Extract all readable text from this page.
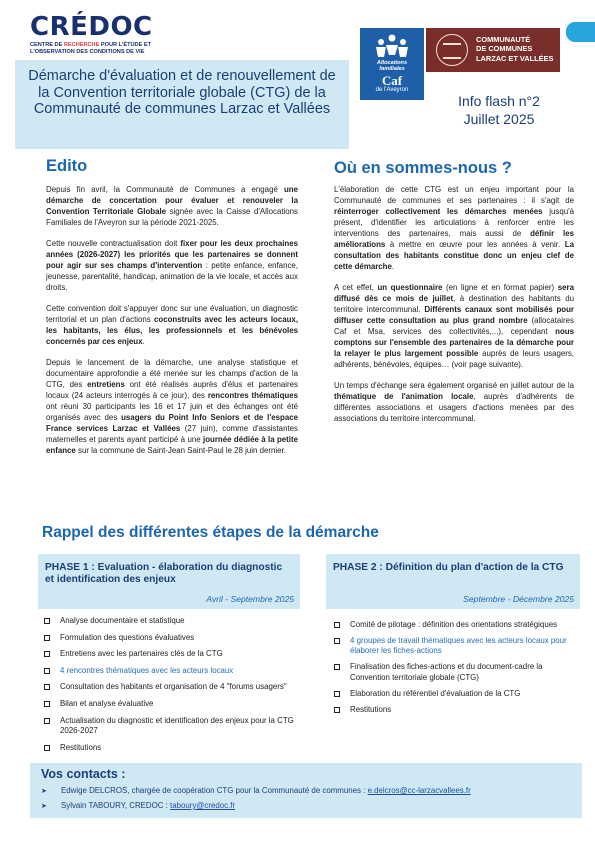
CRÉDOC
CENTRE DE RECHERCHE POUR L'ÉTUDE ET
L'OBSERVATION DES CONDITIONS DE VIE
Allocations
familiales
Caf
de l'Aveyron
COMMUNAUTÉ
DE COMMUNES
LARZAC ET VALLÉES
Démarche d'évaluation et de renouvellement de la Convention territoriale globale (CTG) de la Communauté de communes Larzac et Vallées	Info flash n°2
Juillet 2025
Edito

Depuis fin avril, la Communauté de Communes a engagé une démarche de concertation pour évaluer et renouveler la Convention Territoriale Globale signée avec la Caisse d'Allocations Familiales de l'Aveyron sur la période 2021-2025.

Cette nouvelle contractualisation doit fixer pour les deux prochaines années (2026-2027) les priorités que les partenaires se donnent pour agir sur ses champs d'intervention : petite enfance, enfance, jeunesse, parentalité, handicap, animation de la vie locale, et accès aux droits.

Cette convention doit s'appuyer donc sur une évaluation, un diagnostic territorial et un plan d'actions coconstruits avec les acteurs locaux, les habitants, les élus, les professionnels et les bénévoles concernés par ces enjeux.

Depuis le lancement de la démarche, une analyse statistique et documentaire approfondie a été menée sur les champs d'action de la CTG, des entretiens ont été réalisés auprès d'élus et partenaires locaux (24 acteurs interrogés à ce jour), des rencontres thématiques ont réuni 30 participants les 16 et 17 juin et des échanges ont été organisés avec des usagers du Point Info Seniors et de l'espace France services Larzac et Vallées (27 juin), comme d'assistantes maternelles et parents ayant participé à une journée dédiée à la petite enfance sur la commune de Saint-Jean Saint-Paul le 28 juin dernier.

Où en sommes-nous ?

L'élaboration de cette CTG est un enjeu important pour la Communauté de communes et ses partenaires : il s'agit de réinterroger collectivement les démarches menées jusqu'à présent, d'identifier les articulations à renforcer entre les interventions des partenaires, mais aussi de définir les améliorations à mettre en œuvre pour les années à venir. La consultation des habitants constitue donc un enjeu clef de cette démarche.

A cet effet, un questionnaire (en ligne et en format papier) sera diffusé dès ce mois de juillet, à destination des habitants du territoire intercommunal. Différents canaux sont mobilisés pour diffuser cette consultation au plus grand nombre (allocataires Caf et Msa, services des collectivités,...), cependant nous comptons sur l'ensemble des partenaires de la démarche pour la relayer le plus largement possible auprès de leurs usagers, adhérents, bénévoles, équipes… (voir page suivante).

Un temps d'échange sera également organisé en juillet autour de la thématique de l'animation locale, auprès d'adhérents de différentes associations et usagers d'actions menées par des associations du territoire intercommunal.

Rappel des différentes étapes de la démarche
PHASE 1 : Evaluation - élaboration du diagnostic et identification des enjeux
Avril - Septembre 2025
Analyse documentaire et statistique
Formulation des questions évaluatives
Entretiens avec les partenaires clés de la CTG
4 rencontres thématiques avec les acteurs locaux
Consultation des habitants et organisation de 4 "forums usagers"
Bilan et analyse évaluative
Actualisation du diagnostic et identification des enjeux pour la CTG 2026-2027
Restitutions
PHASE 2 : Définition du plan d'action de la CTG
Septembre - Décembre 2025
Comité de pilotage : définition des orientations stratégiques
4 groupes de travail thématiques avec les acteurs locaux pour élaborer les fiches-actions
Finalisation des fiches-actions et du document-cadre la Convention territoriale globale (CTG)
Elaboration du référentiel d'évaluation de la CTG
Restitutions
Vos contacts :
➤ Edwige DELCROS, chargée de coopération CTG pour la Communauté de communes : e.delcros@cc-larzacvallees.fr
➤ Sylvain TABOURY, CREDOC : taboury@credoc.fr
